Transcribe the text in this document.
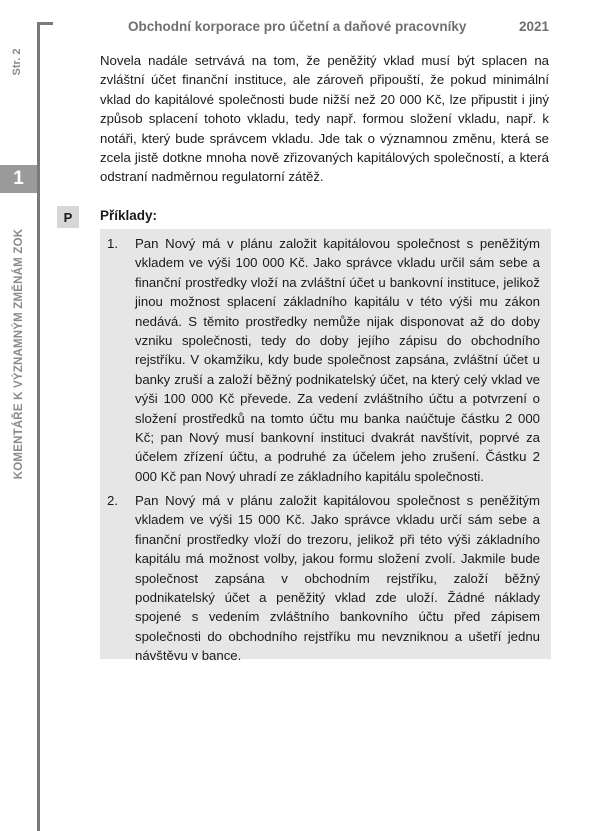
Str. 2
1
KOMENTÁŘE K VÝZNAMNÝM ZMĚNÁM ZOK
Obchodní korporace pro účetní a daňové pracovníky	2021

Novela nadále setrvává na tom, že peněžitý vklad musí být splacen na zvláštní účet finanční instituce, ale zároveň připouští, že pokud minimální vklad do kapitálové společnosti bude nižší než 20 000 Kč, lze připustit i jiný způsob splacení tohoto vkladu, tedy např. formou složení vkladu, např. k notáři, který bude správcem vkladu. Jde tak o významnou změnu, která se zcela jistě dotkne mnoha nově zřizovaných kapitálových společností, a která odstraní nadměrnou regulatorní zátěž.

P	Příklady:
1. Pan Nový má v plánu založit kapitálovou společnost s peněžitým vkladem ve výši 100 000 Kč. Jako správce vkladu určil sám sebe a finanční prostředky vloží na zvláštní účet u bankovní instituce, jelikož jinou možnost splacení základního kapitálu v této výši mu zákon nedává. S těmito prostředky nemůže nijak disponovat až do doby vzniku společnosti, tedy do doby jejího zápisu do obchodního rejstříku. V okamžiku, kdy bude společnost zapsána, zvláštní účet u banky zruší a založí běžný podnikatelský účet, na který celý vklad ve výši 100 000 Kč převede. Za vedení zvláštního účtu a potvrzení o složení prostředků na tomto účtu mu banka naúčtuje částku 2 000 Kč; pan Nový musí bankovní instituci dvakrát navštívit, poprvé za účelem zřízení účtu, a podruhé za účelem jeho zrušení. Částku 2 000 Kč pan Nový uhradí ze základního kapitálu společnosti.

2. Pan Nový má v plánu založit kapitálovou společnost s peněžitým vkladem ve výši 15 000 Kč. Jako správce vkladu určí sám sebe a finanční prostředky vloží do trezoru, jelikož při této výši základního kapitálu má možnost volby, jakou formu složení zvolí. Jakmile bude společnost zapsána v obchodním rejstříku, založí běžný podnikatelský účet a peněžitý vklad zde uloží. Žádné náklady spojené s vedením zvláštního bankovního účtu před zápisem společnosti do obchodního rejstříku mu nevzniknou a ušetří jednu návštěvu v bance.
